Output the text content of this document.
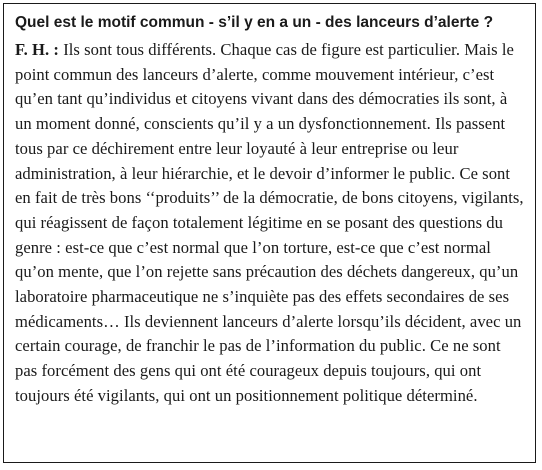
Quel est le motif commun - s’il y en a un - des lanceurs d’alerte ?

F. H. : Ils sont tous différents. Chaque cas de figure est particulier. Mais le point commun des lanceurs d’alerte, comme mouvement intérieur, c’est qu’en tant qu’individus et citoyens vivant dans des démocraties ils sont, à un moment donné, conscients qu’il y a un dysfonctionnement. Ils passent tous par ce déchirement entre leur loyauté à leur entreprise ou leur administration, à leur hiérarchie, et le devoir d’informer le public. Ce sont en fait de très bons ‘‘produits’’ de la démocratie, de bons citoyens, vigilants, qui réagissent de façon totalement légitime en se posant des questions du genre : est-ce que c’est normal que l’on torture, est-ce que c’est normal qu’on mente, que l’on rejette sans précaution des déchets dangereux, qu’un laboratoire pharmaceutique ne s’inquiète pas des effets secondaires de ses médicaments… Ils deviennent lanceurs d’alerte lorsqu’ils décident, avec un certain courage, de franchir le pas de l’information du public. Ce ne sont pas forcément des gens qui ont été courageux depuis toujours, qui ont toujours été vigilants, qui ont un positionnement politique déterminé.
